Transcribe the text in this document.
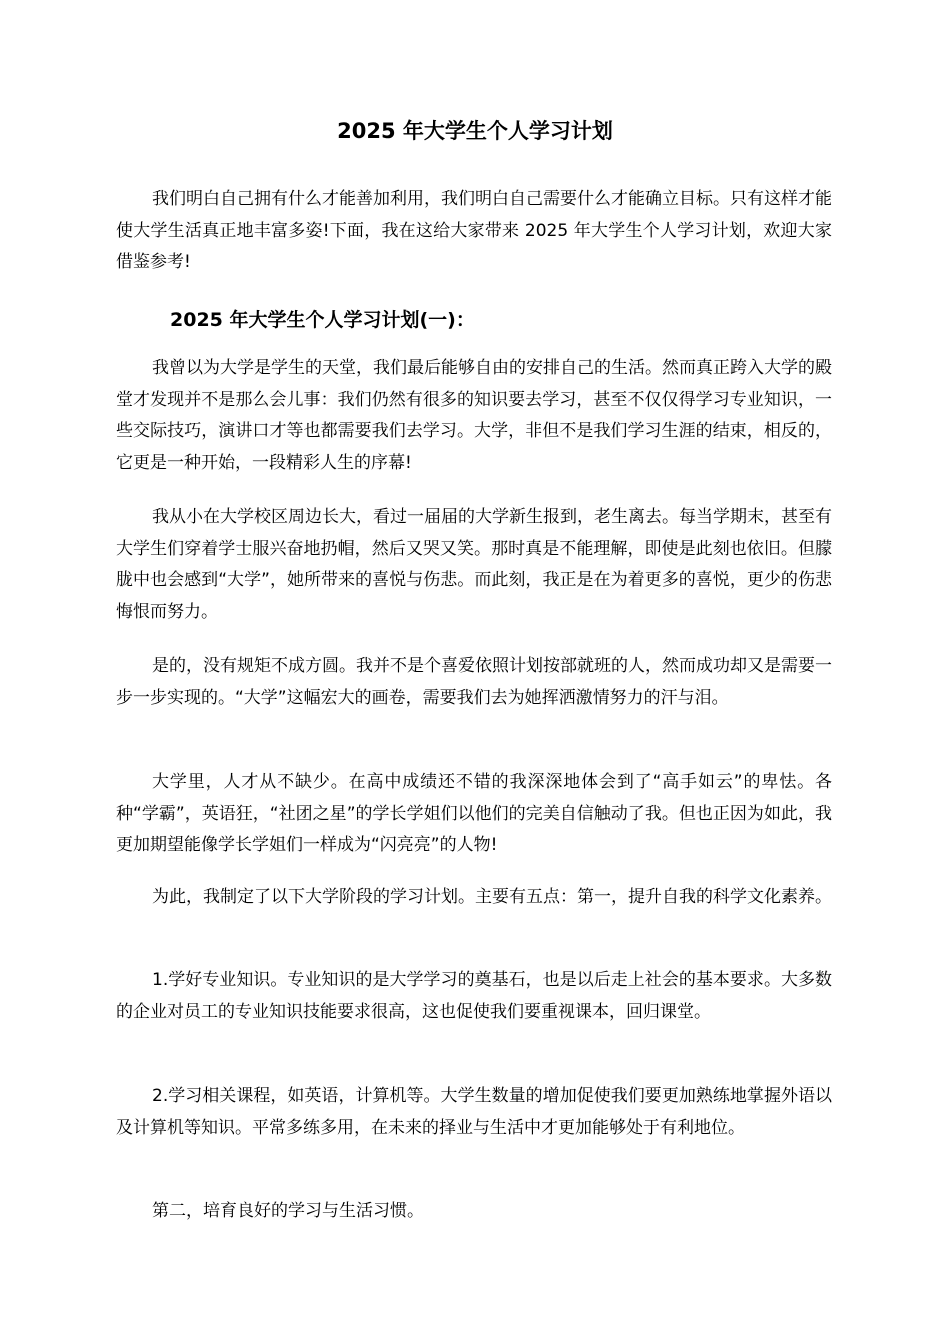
2025 年大学生个人学习计划

我们明白自己拥有什么才能善加利用，我们明白自己需要什么才能确立目标。只有这样才能使大学生活真正地丰富多姿!下面，我在这给大家带来 2025 年大学生个人学习计划，欢迎大家借鉴参考!

2025 年大学生个人学习计划(一)：

我曾以为大学是学生的天堂，我们最后能够自由的安排自己的生活。然而真正跨入大学的殿堂才发现并不是那么会儿事：我们仍然有很多的知识要去学习，甚至不仅仅得学习专业知识，一些交际技巧，演讲口才等也都需要我们去学习。大学，非但不是我们学习生涯的结束，相反的，它更是一种开始，一段精彩人生的序幕!

我从小在大学校区周边长大，看过一届届的大学新生报到，老生离去。每当学期末，甚至有大学生们穿着学士服兴奋地扔帽，然后又哭又笑。那时真是不能理解，即使是此刻也依旧。但朦胧中也会感到“大学”，她所带来的喜悦与伤悲。而此刻，我正是在为着更多的喜悦，更少的伤悲悔恨而努力。

是的，没有规矩不成方圆。我并不是个喜爱依照计划按部就班的人，然而成功却又是需要一步一步实现的。“大学”这幅宏大的画卷，需要我们去为她挥洒激情努力的汗与泪。

大学里，人才从不缺少。在高中成绩还不错的我深深地体会到了“高手如云”的卑怯。各种“学霸”，英语狂，“社团之星”的学长学姐们以他们的完美自信触动了我。但也正因为如此，我更加期望能像学长学姐们一样成为“闪亮亮”的人物!

为此，我制定了以下大学阶段的学习计划。主要有五点：第一，提升自我的科学文化素养。

1.学好专业知识。专业知识的是大学学习的奠基石，也是以后走上社会的基本要求。大多数的企业对员工的专业知识技能要求很高，这也促使我们要重视课本，回归课堂。

2.学习相关课程，如英语，计算机等。大学生数量的增加促使我们要更加熟练地掌握外语以及计算机等知识。平常多练多用，在未来的择业与生活中才更加能够处于有利地位。

第二，培育良好的学习与生活习惯。
